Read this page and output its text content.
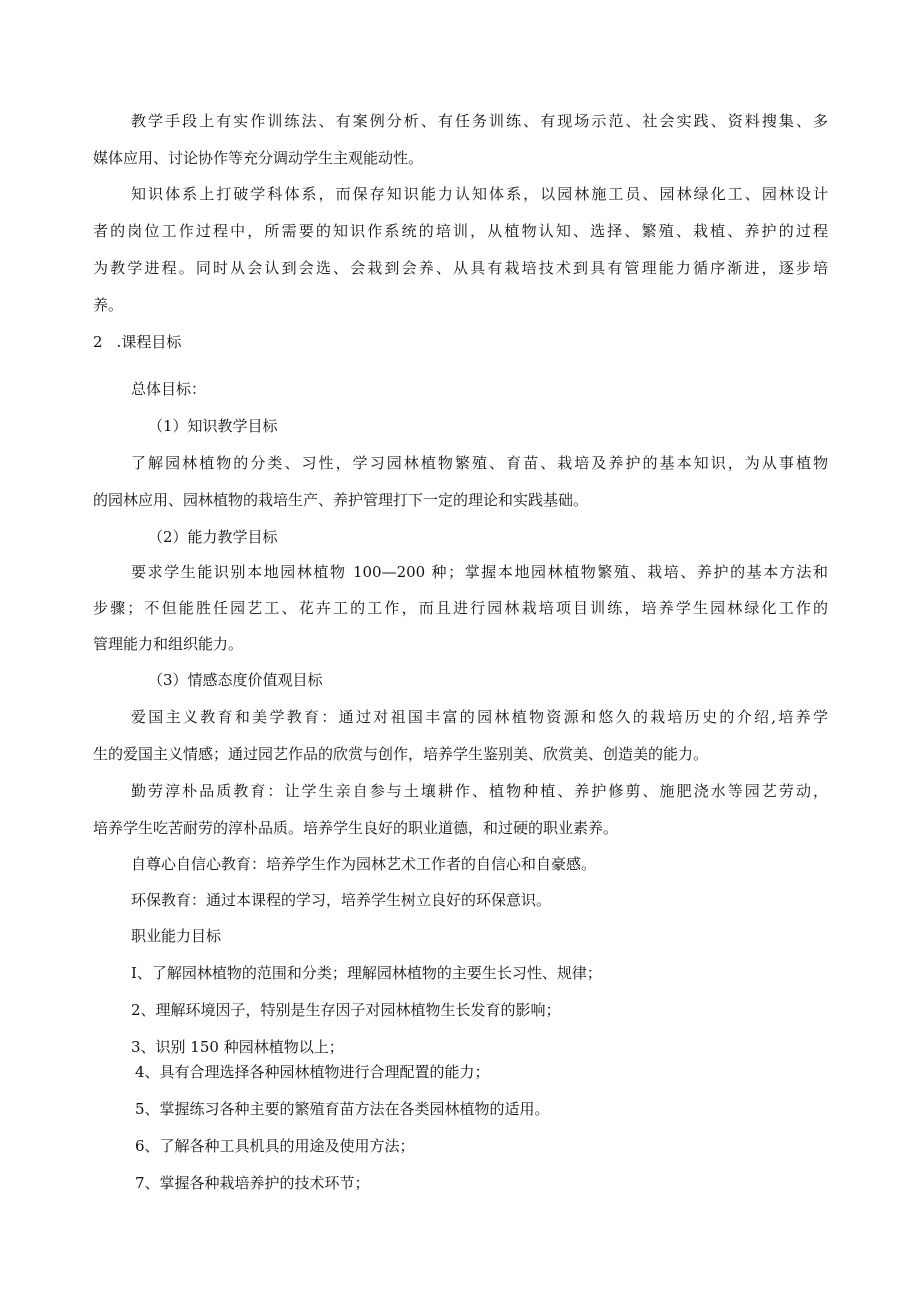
教学手段上有实作训练法、有案例分析、有任务训练、有现场示范、社会实践、资料搜集、多

媒体应用、讨论协作等充分调动学生主观能动性。

知识体系上打破学科体系，而保存知识能力认知体系，以园林施工员、园林绿化工、园林设计

者的岗位工作过程中，所需要的知识作系统的培训，从植物认知、选择、繁殖、栽植、养护的过程

为教学进程。同时从会认到会选、会栽到会养、从具有栽培技术到具有管理能力循序渐进，逐步培

养。

2 .课程目标

总体目标：

（1）知识教学目标

了解园林植物的分类、习性，学习园林植物繁殖、育苗、栽培及养护的基本知识，为从事植物

的园林应用、园林植物的栽培生产、养护管理打下一定的理论和实践基础。

（2）能力教学目标

要求学生能识别本地园林植物 100—200 种；掌握本地园林植物繁殖、栽培、养护的基本方法和

步骤；不但能胜任园艺工、花卉工的工作，而且进行园林栽培项目训练，培养学生园林绿化工作的

管理能力和组织能力。

（3）情感态度价值观目标

爱国主义教育和美学教育：通过对祖国丰富的园林植物资源和悠久的栽培历史的介绍,培养学

生的爱国主义情感；通过园艺作品的欣赏与创作，培养学生鉴别美、欣赏美、创造美的能力。

勤劳淳朴品质教育：让学生亲自参与土壤耕作、植物种植、养护修剪、施肥浇水等园艺劳动，

培养学生吃苦耐劳的淳朴品质。培养学生良好的职业道德，和过硬的职业素养。

自尊心自信心教育：培养学生作为园林艺术工作者的自信心和自豪感。

环保教育：通过本课程的学习，培养学生树立良好的环保意识。

职业能力目标

I、了解园林植物的范围和分类；理解园林植物的主要生长习性、规律；

2、理解环境因子，特别是生存因子对园林植物生长发育的影响；

3、识别 150 种园林植物以上；

4、具有合理选择各种园林植物进行合理配置的能力；

5、掌握练习各种主要的繁殖育苗方法在各类园林植物的适用。

6、了解各种工具机具的用途及使用方法；

7、掌握各种栽培养护的技术环节；
